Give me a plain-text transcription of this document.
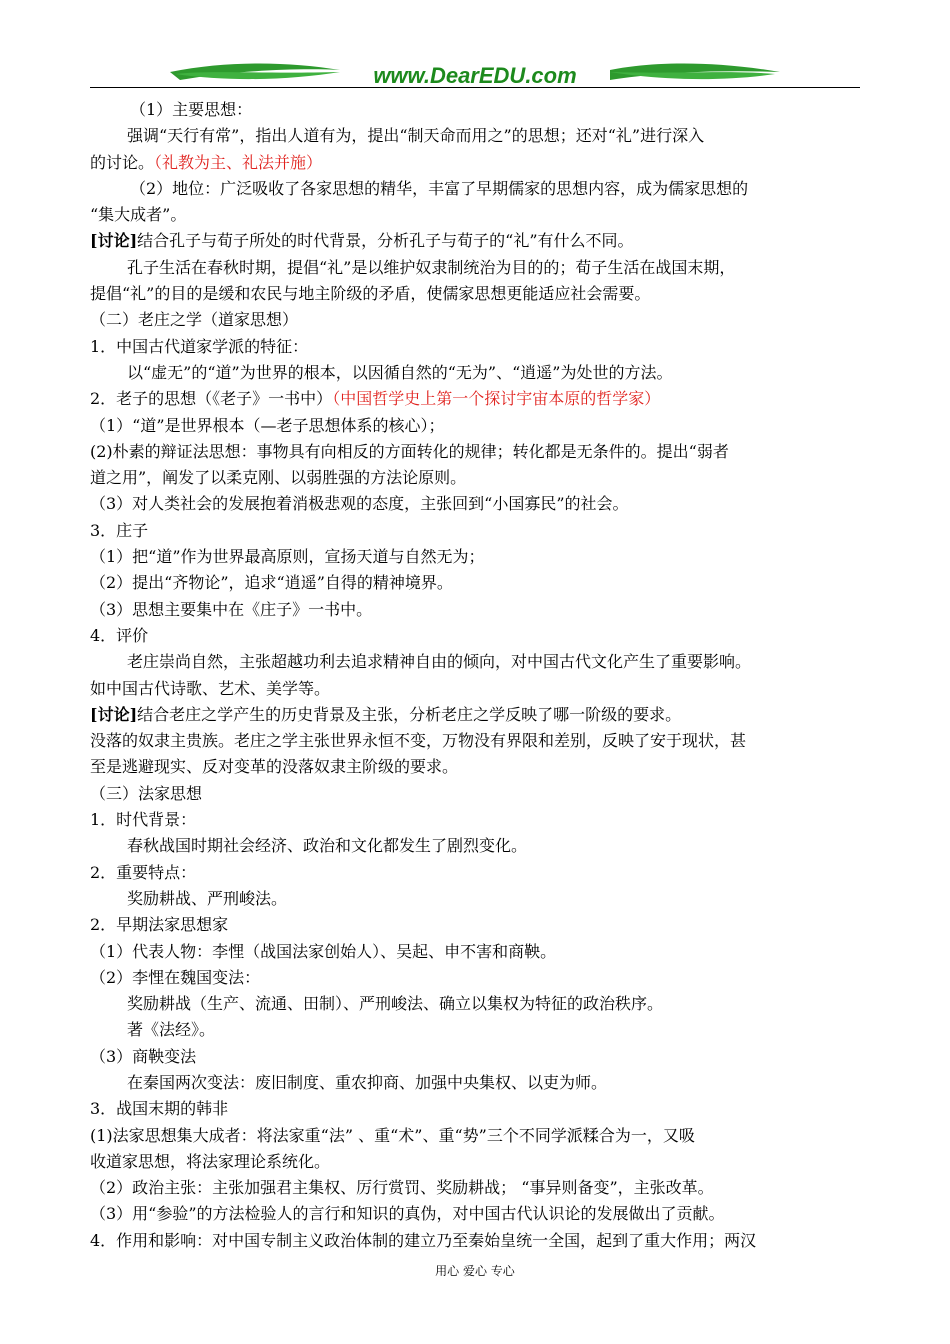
www.DearEDU.com
（1）主要思想：
强调“天行有常”，指出人道有为，提出“制天命而用之”的思想；还对“礼”进行深入
的讨论。（礼教为主、礼法并施）
（2）地位：广泛吸收了各家思想的精华，丰富了早期儒家的思想内容，成为儒家思想的
“集大成者”。
[讨论]结合孔子与荀子所处的时代背景，分析孔子与荀子的“礼”有什么不同。
孔子生活在春秋时期，提倡“礼”是以维护奴隶制统治为目的的；荀子生活在战国末期，
提倡“礼”的目的是缓和农民与地主阶级的矛盾，使儒家思想更能适应社会需要。
（二）老庄之学（道家思想）
1．中国古代道家学派的特征：
以“虚无”的“道”为世界的根本，以因循自然的“无为”、“逍遥”为处世的方法。
2．老子的思想（《老子》一书中）（中国哲学史上第一个探讨宇宙本原的哲学家）
（1）“道”是世界根本（—老子思想体系的核心）；
(2)朴素的辩证法思想：事物具有向相反的方面转化的规律；转化都是无条件的。提出“弱者
道之用”，阐发了以柔克刚、以弱胜强的方法论原则。
（3）对人类社会的发展抱着消极悲观的态度，主张回到“小国寡民”的社会。
3．庄子
（1）把“道”作为世界最高原则，宣扬天道与自然无为；
（2）提出“齐物论”，追求“逍遥”自得的精神境界。
（3）思想主要集中在《庄子》一书中。
4．评价
老庄崇尚自然，主张超越功利去追求精神自由的倾向，对中国古代文化产生了重要影响。
如中国古代诗歌、艺术、美学等。
[讨论]结合老庄之学产生的历史背景及主张，分析老庄之学反映了哪一阶级的要求。
没落的奴隶主贵族。老庄之学主张世界永恒不变，万物没有界限和差别，反映了安于现状，甚
至是逃避现实、反对变革的没落奴隶主阶级的要求。
（三）法家思想
1．时代背景：
春秋战国时期社会经济、政治和文化都发生了剧烈变化。
2．重要特点：
奖励耕战、严刑峻法。
2．早期法家思想家
（1）代表人物：李悝（战国法家创始人）、吴起、申不害和商鞅。
（2）李悝在魏国变法：
奖励耕战（生产、流通、田制）、严刑峻法、确立以集权为特征的政治秩序。
著《法经》。
（3）商鞅变法
在秦国两次变法：废旧制度、重农抑商、加强中央集权、以吏为师。
3．战国末期的韩非
(1)法家思想集大成者：将法家重“法” 、重“术”、重“势”三个不同学派糅合为一，又吸
收道家思想，将法家理论系统化。
（2）政治主张：主张加强君主集权、厉行赏罚、奖励耕战； “事异则备变”，主张改革。
（3）用“参验”的方法检验人的言行和知识的真伪，对中国古代认识论的发展做出了贡献。
4．作用和影响：对中国专制主义政治体制的建立乃至秦始皇统一全国，起到了重大作用；两汉
用心 爱心 专心
